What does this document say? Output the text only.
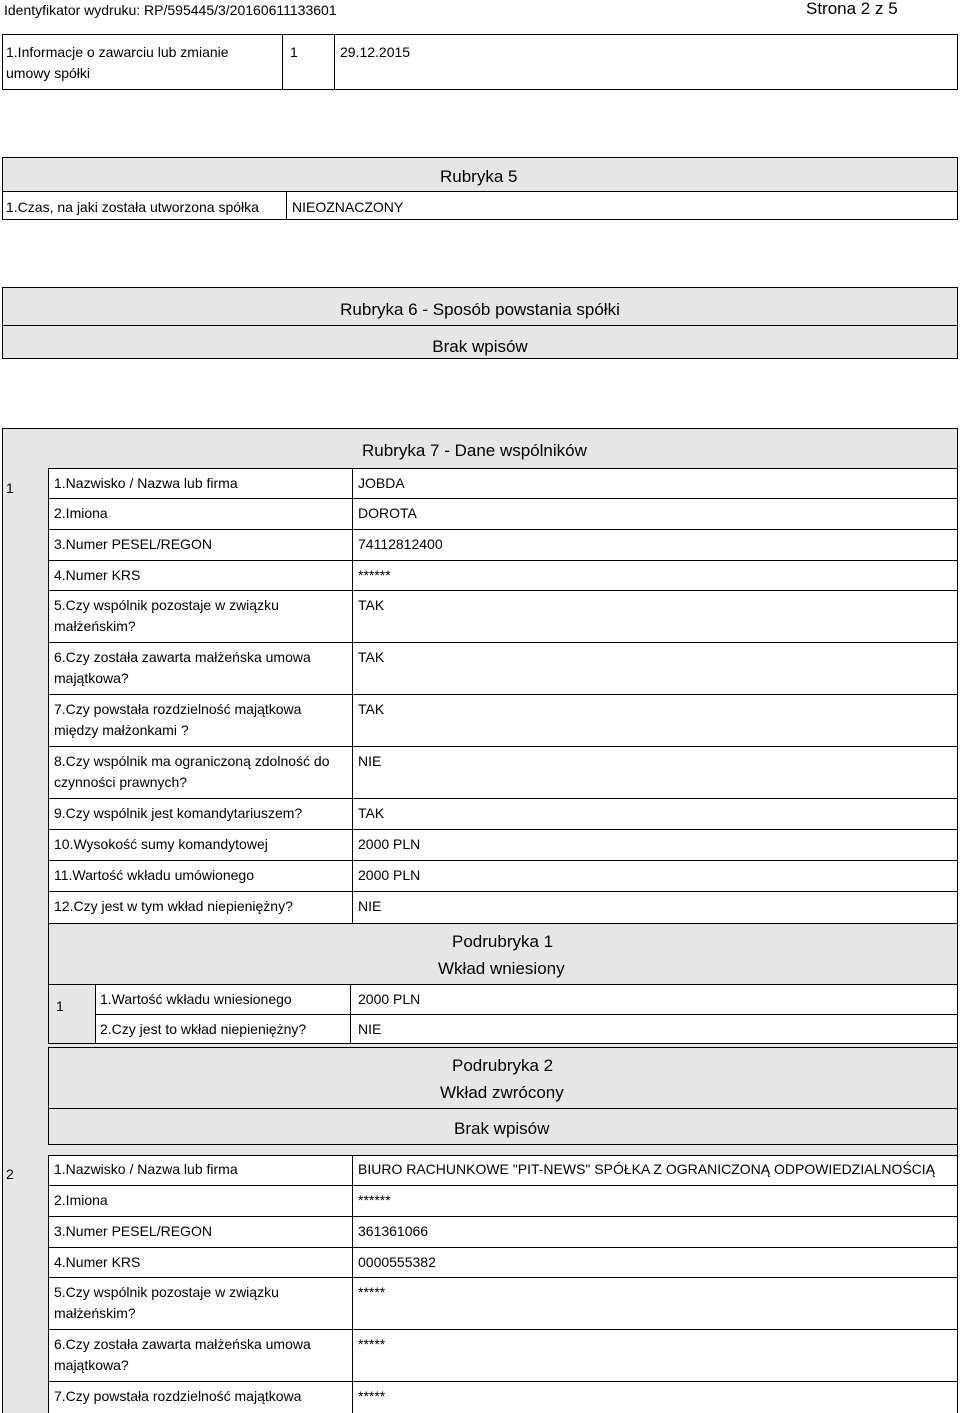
Identyfikator wydruku: RP/595445/3/20160611133601	Strona 2 z 5
1.Informacje o zawarciu lub zmianie umowy spółki
1	29.12.2015
Rubryka 5
1.Czas, na jaki została utworzona spółka NIEOZNACZONY
Rubryka 6 - Sposób powstania spółki
Brak wpisów
Rubryka 7 - Dane wspólników
1	1.Nazwisko / Nazwa lub firma	JOBDA
2.Imiona	DOROTA
3.Numer PESEL/REGON	74112812400
4.Numer KRS	******
5.Czy wspólnik pozostaje w związku małżeńskim?
TAK
6.Czy została zawarta małżeńska umowa majątkowa?
TAK
7.Czy powstała rozdzielność majątkowa między małżonkami ?
TAK
8.Czy wspólnik ma ograniczoną zdolność do czynności prawnych?
NIE
9.Czy wspólnik jest komandytariuszem?	TAK
10.Wysokość sumy komandytowej	2000 PLN
11.Wartość wkładu umówionego	2000 PLN
12.Czy jest w tym wkład niepieniężny?	NIE
Podrubryka 1
Wkład wniesiony
1	1.Wartość wkładu wniesionego	2000 PLN
2.Czy jest to wkład niepieniężny?	NIE
Podrubryka 2
Wkład zwrócony
Brak wpisów
2	1.Nazwisko / Nazwa lub firma	BIURO RACHUNKOWE "PIT-NEWS" SPÓŁKA Z OGRANICZONĄ ODPOWIEDZIALNOŚCIĄ
2.Imiona	******
3.Numer PESEL/REGON	361361066
4.Numer KRS	0000555382
5.Czy wspólnik pozostaje w związku małżeńskim?
*****
6.Czy została zawarta małżeńska umowa majątkowa?
*****
7.Czy powstała rozdzielność majątkowa	*****
